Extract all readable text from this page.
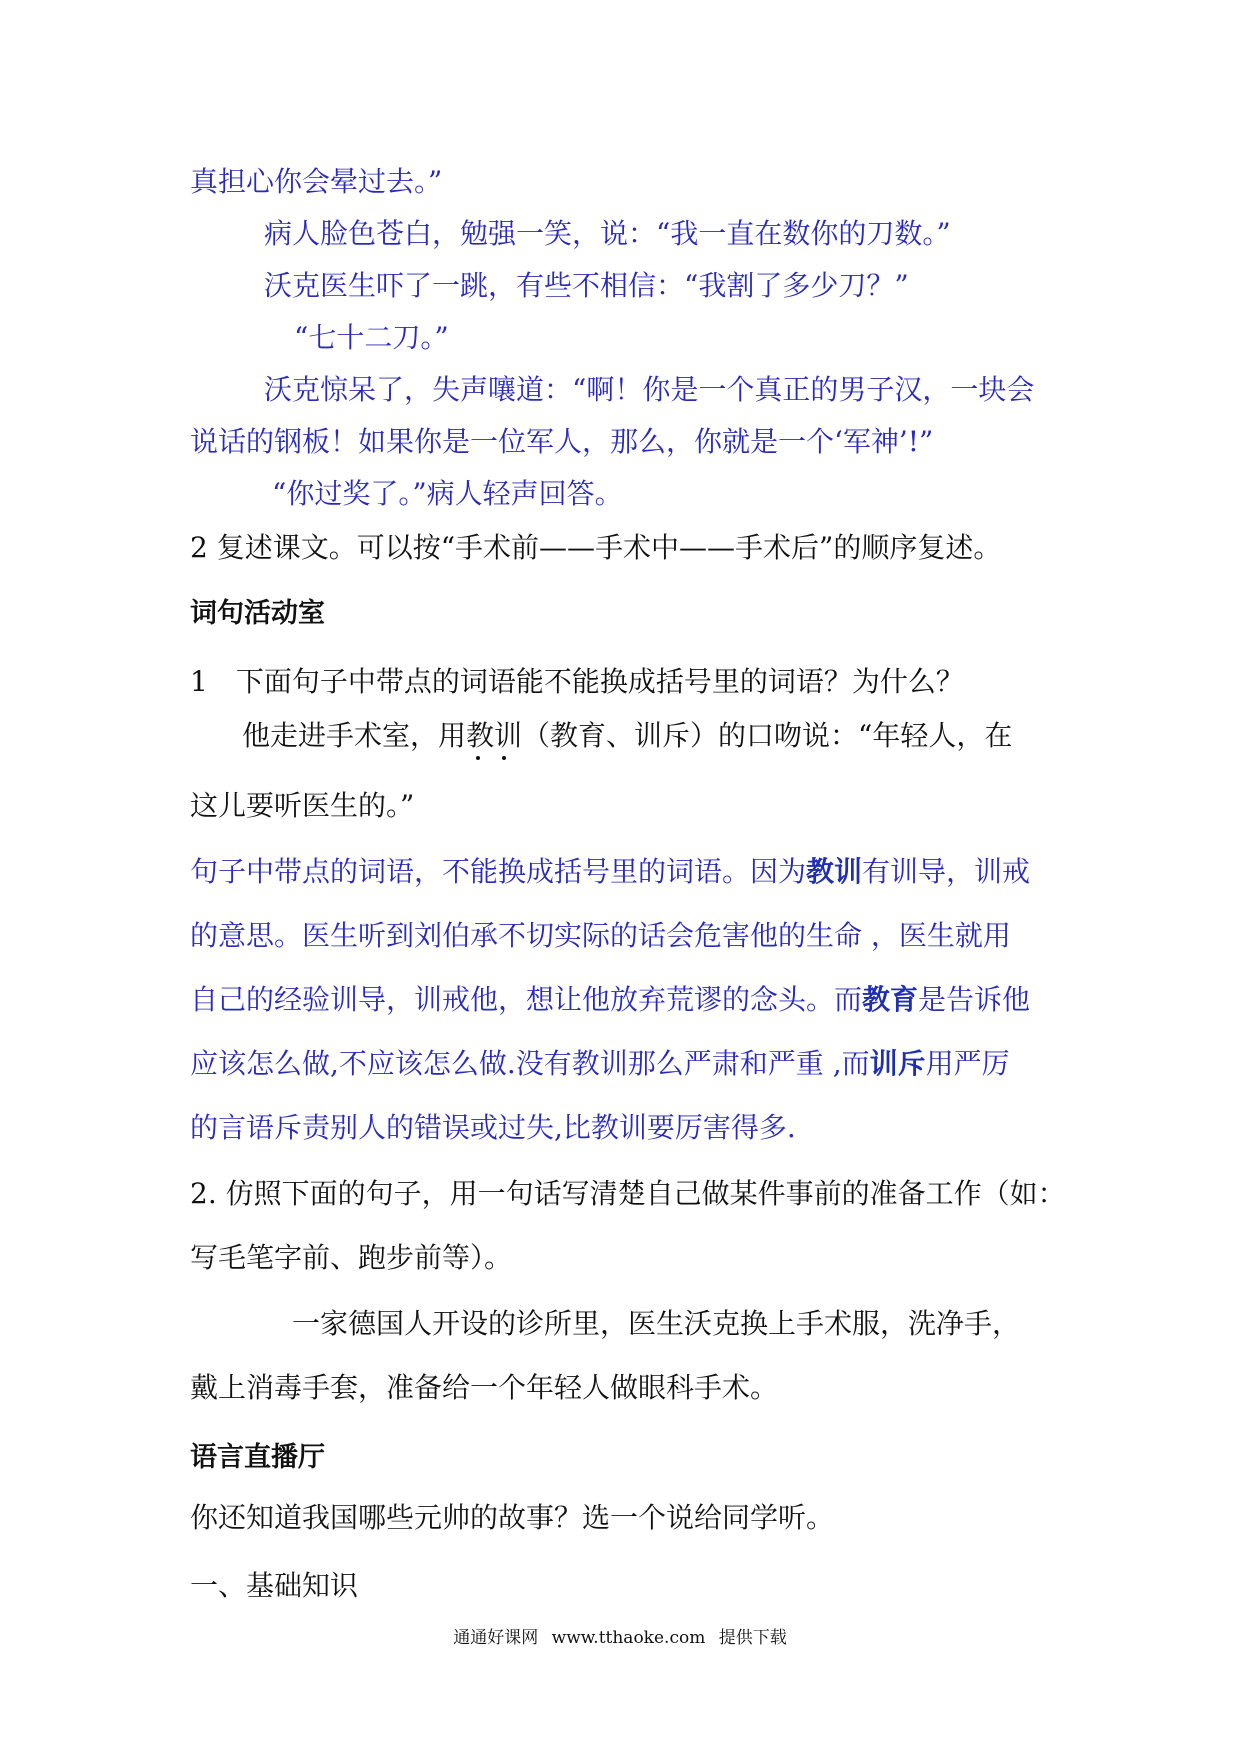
真担心你会晕过去。”
病人脸色苍白，勉强一笑，说：“我一直在数你的刀数。”
沃克医生吓了一跳，有些不相信：“我割了多少刀？”
“七十二刀。”
沃克惊呆了，失声嚷道：“啊！你是一个真正的男子汉，一块会
说话的钢板！如果你是一位军人，那么，你就是一个‘军神’!”
“你过奖了。”病人轻声回答。
2 复述课文。可以按“手术前——手术中——手术后”的顺序复述。
词句活动室
1　下面句子中带点的词语能不能换成括号里的词语？为什么？
他走进手术室，用教训
（教育、训斥）的口吻说：“年轻人，在
这儿要听医生的。”
句子中带点的词语，不能换成括号里的词语。因为教训有训导，训戒
的意思。医生听到刘伯承不切实际的话会危害他的生命 ，医生就用
自己的经验训导，训戒他，想让他放弃荒谬的念头。而教育是告诉他
应该怎么做,不应该怎么做.没有教训那么严肃和严重 ,而训斥用严厉
的言语斥责别人的错误或过失,比教训要厉害得多.
2. 仿照下面的句子，用一句话写清楚自己做某件事前的准备工作（如：
写毛笔字前、跑步前等）。
一家德国人开设的诊所里，医生沃克换上手术服，洗净手，
戴上消毒手套，准备给一个年轻人做眼科手术。
语言直播厅
你还知道我国哪些元帅的故事？选一个说给同学听。
一、基础知识
通通好课网 www.tthaoke.com 提供下载
